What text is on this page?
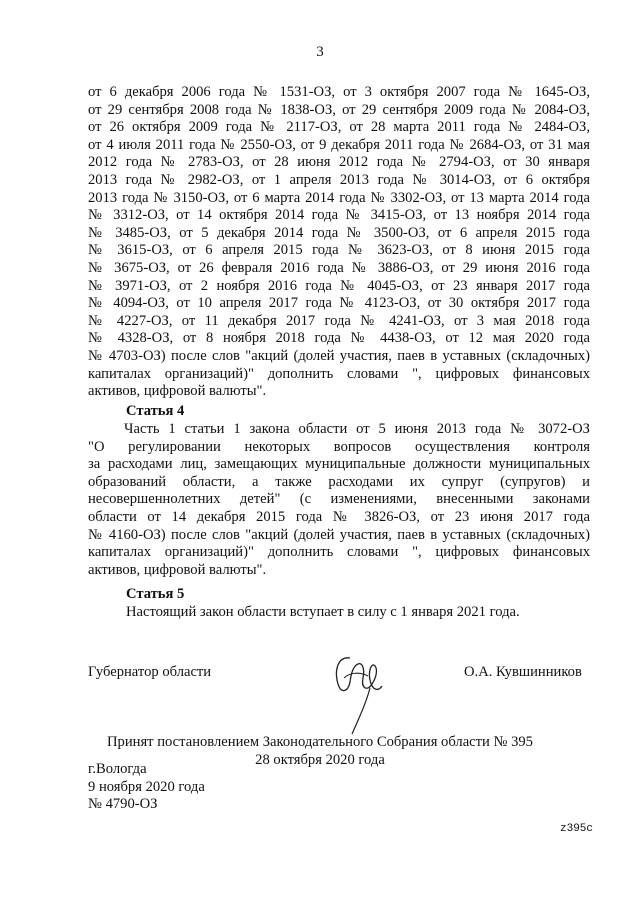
3
от 6 декабря 2006 года № 1531-ОЗ, от 3 октября 2007 года № 1645-ОЗ,
от 29 сентября 2008 года № 1838-ОЗ, от 29 сентября 2009 года № 2084-ОЗ,
от 26 октября 2009 года № 2117-ОЗ, от 28 марта 2011 года № 2484-ОЗ,
от 4 июля 2011 года № 2550-ОЗ, от 9 декабря 2011 года № 2684-ОЗ, от 31 мая
2012 года № 2783-ОЗ, от 28 июня 2012 года № 2794-ОЗ, от 30 января
2013 года № 2982-ОЗ, от 1 апреля 2013 года № 3014-ОЗ, от 6 октября
2013 года № 3150-ОЗ, от 6 марта 2014 года № 3302-ОЗ, от 13 марта 2014 года
№ 3312-ОЗ, от 14 октября 2014 года № 3415-ОЗ, от 13 ноября 2014 года
№ 3485-ОЗ, от 5 декабря 2014 года № 3500-ОЗ, от 6 апреля 2015 года
№ 3615-ОЗ, от 6 апреля 2015 года № 3623-ОЗ, от 8 июня 2015 года
№ 3675-ОЗ, от 26 февраля 2016 года № 3886-ОЗ, от 29 июня 2016 года
№ 3971-ОЗ, от 2 ноября 2016 года № 4045-ОЗ, от 23 января 2017 года
№ 4094-ОЗ, от 10 апреля 2017 года № 4123-ОЗ, от 30 октября 2017 года
№ 4227-ОЗ, от 11 декабря 2017 года № 4241-ОЗ, от 3 мая 2018 года
№ 4328-ОЗ, от 8 ноября 2018 года № 4438-ОЗ, от 12 мая 2020 года
№ 4703-ОЗ) после слов "акций (долей участия, паев в уставных (складочных)
капиталах организаций)" дополнить словами ", цифровых финансовых
активов, цифровой валюты".
Статья 4
Часть 1 статьи 1 закона области от 5 июня 2013 года № 3072-ОЗ
"О регулировании некоторых вопросов осуществления контроля
за расходами лиц, замещающих муниципальные должности муниципальных
образований области, а также расходами их супруг (супругов) и
несовершеннолетних детей" (с изменениями, внесенными законами
области от 14 декабря 2015 года № 3826-ОЗ, от 23 июня 2017 года
№ 4160-ОЗ) после слов "акций (долей участия, паев в уставных (складочных)
капиталах организаций)" дополнить словами ", цифровых финансовых
активов, цифровой валюты".
Статья 5
Настоящий закон области вступает в силу с 1 января 2021 года.
Губернатор области	О.А. Кувшинников
Принят постановлением Законодательного Собрания области № 395
28 октября 2020 года
г.Вологда
9 ноября 2020 года
№ 4790-ОЗ
z395c
